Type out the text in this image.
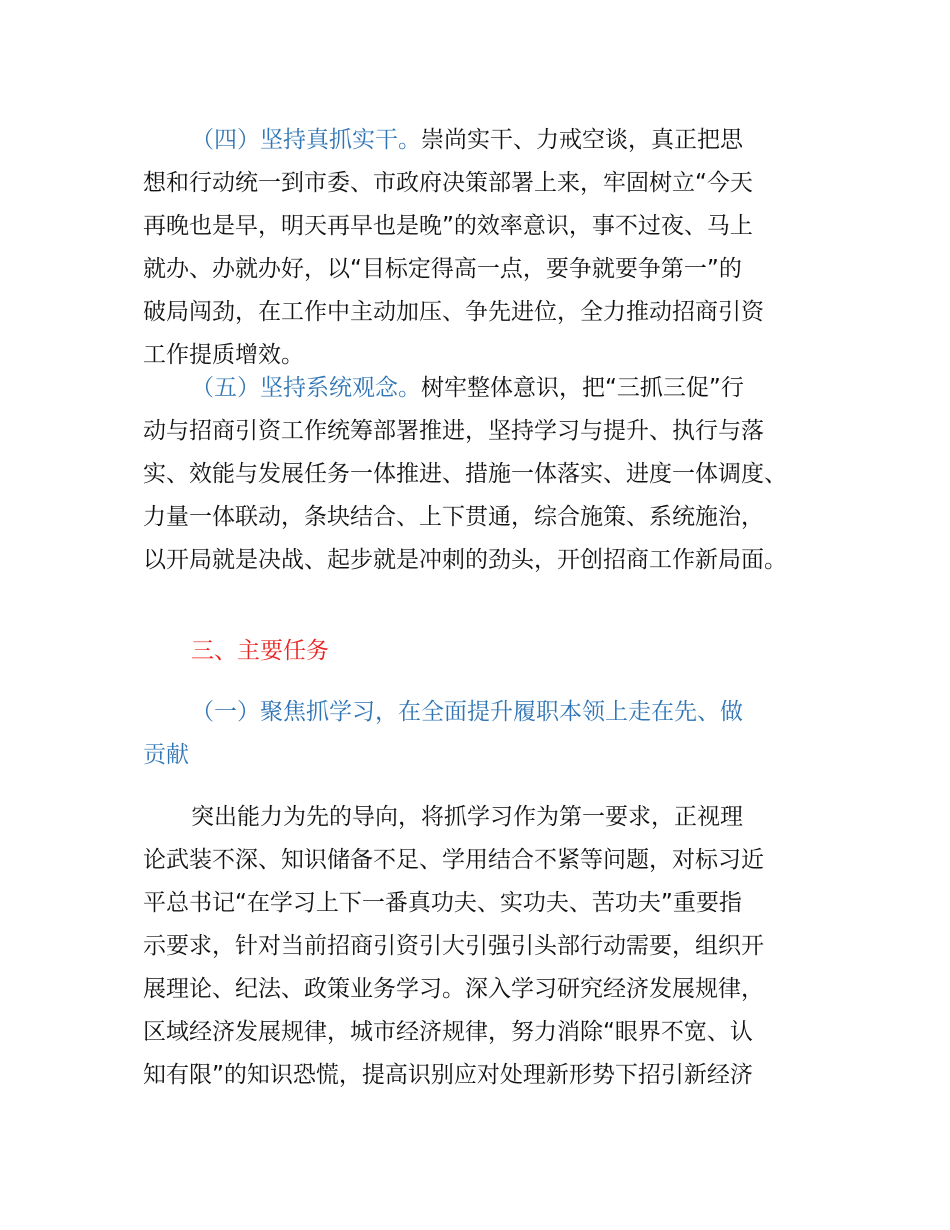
（四）坚持真抓实干。崇尚实干、力戒空谈，真正把思
想和行动统一到市委、市政府决策部署上来，牢固树立“今天
再晚也是早，明天再早也是晚”的效率意识，事不过夜、马上
就办、办就办好，以“目标定得高一点，要争就要争第一”的
破局闯劲，在工作中主动加压、争先进位，全力推动招商引资
工作提质增效。
（五）坚持系统观念。树牢整体意识，把“三抓三促”行
动与招商引资工作统筹部署推进，坚持学习与提升、执行与落
实、效能与发展任务一体推进、措施一体落实、进度一体调度、
力量一体联动，条块结合、上下贯通，综合施策、系统施治，
以开局就是决战、起步就是冲刺的劲头，开创招商工作新局面。
三、主要任务
（一）聚焦抓学习，在全面提升履职本领上走在先、做
贡献
突出能力为先的导向，将抓学习作为第一要求，正视理
论武装不深、知识储备不足、学用结合不紧等问题，对标习近
平总书记“在学习上下一番真功夫、实功夫、苦功夫”重要指
示要求，针对当前招商引资引大引强引头部行动需要，组织开
展理论、纪法、政策业务学习。深入学习研究经济发展规律，
区域经济发展规律，城市经济规律，努力消除“眼界不宽、认
知有限”的知识恐慌，提高识别应对处理新形势下招引新经济
